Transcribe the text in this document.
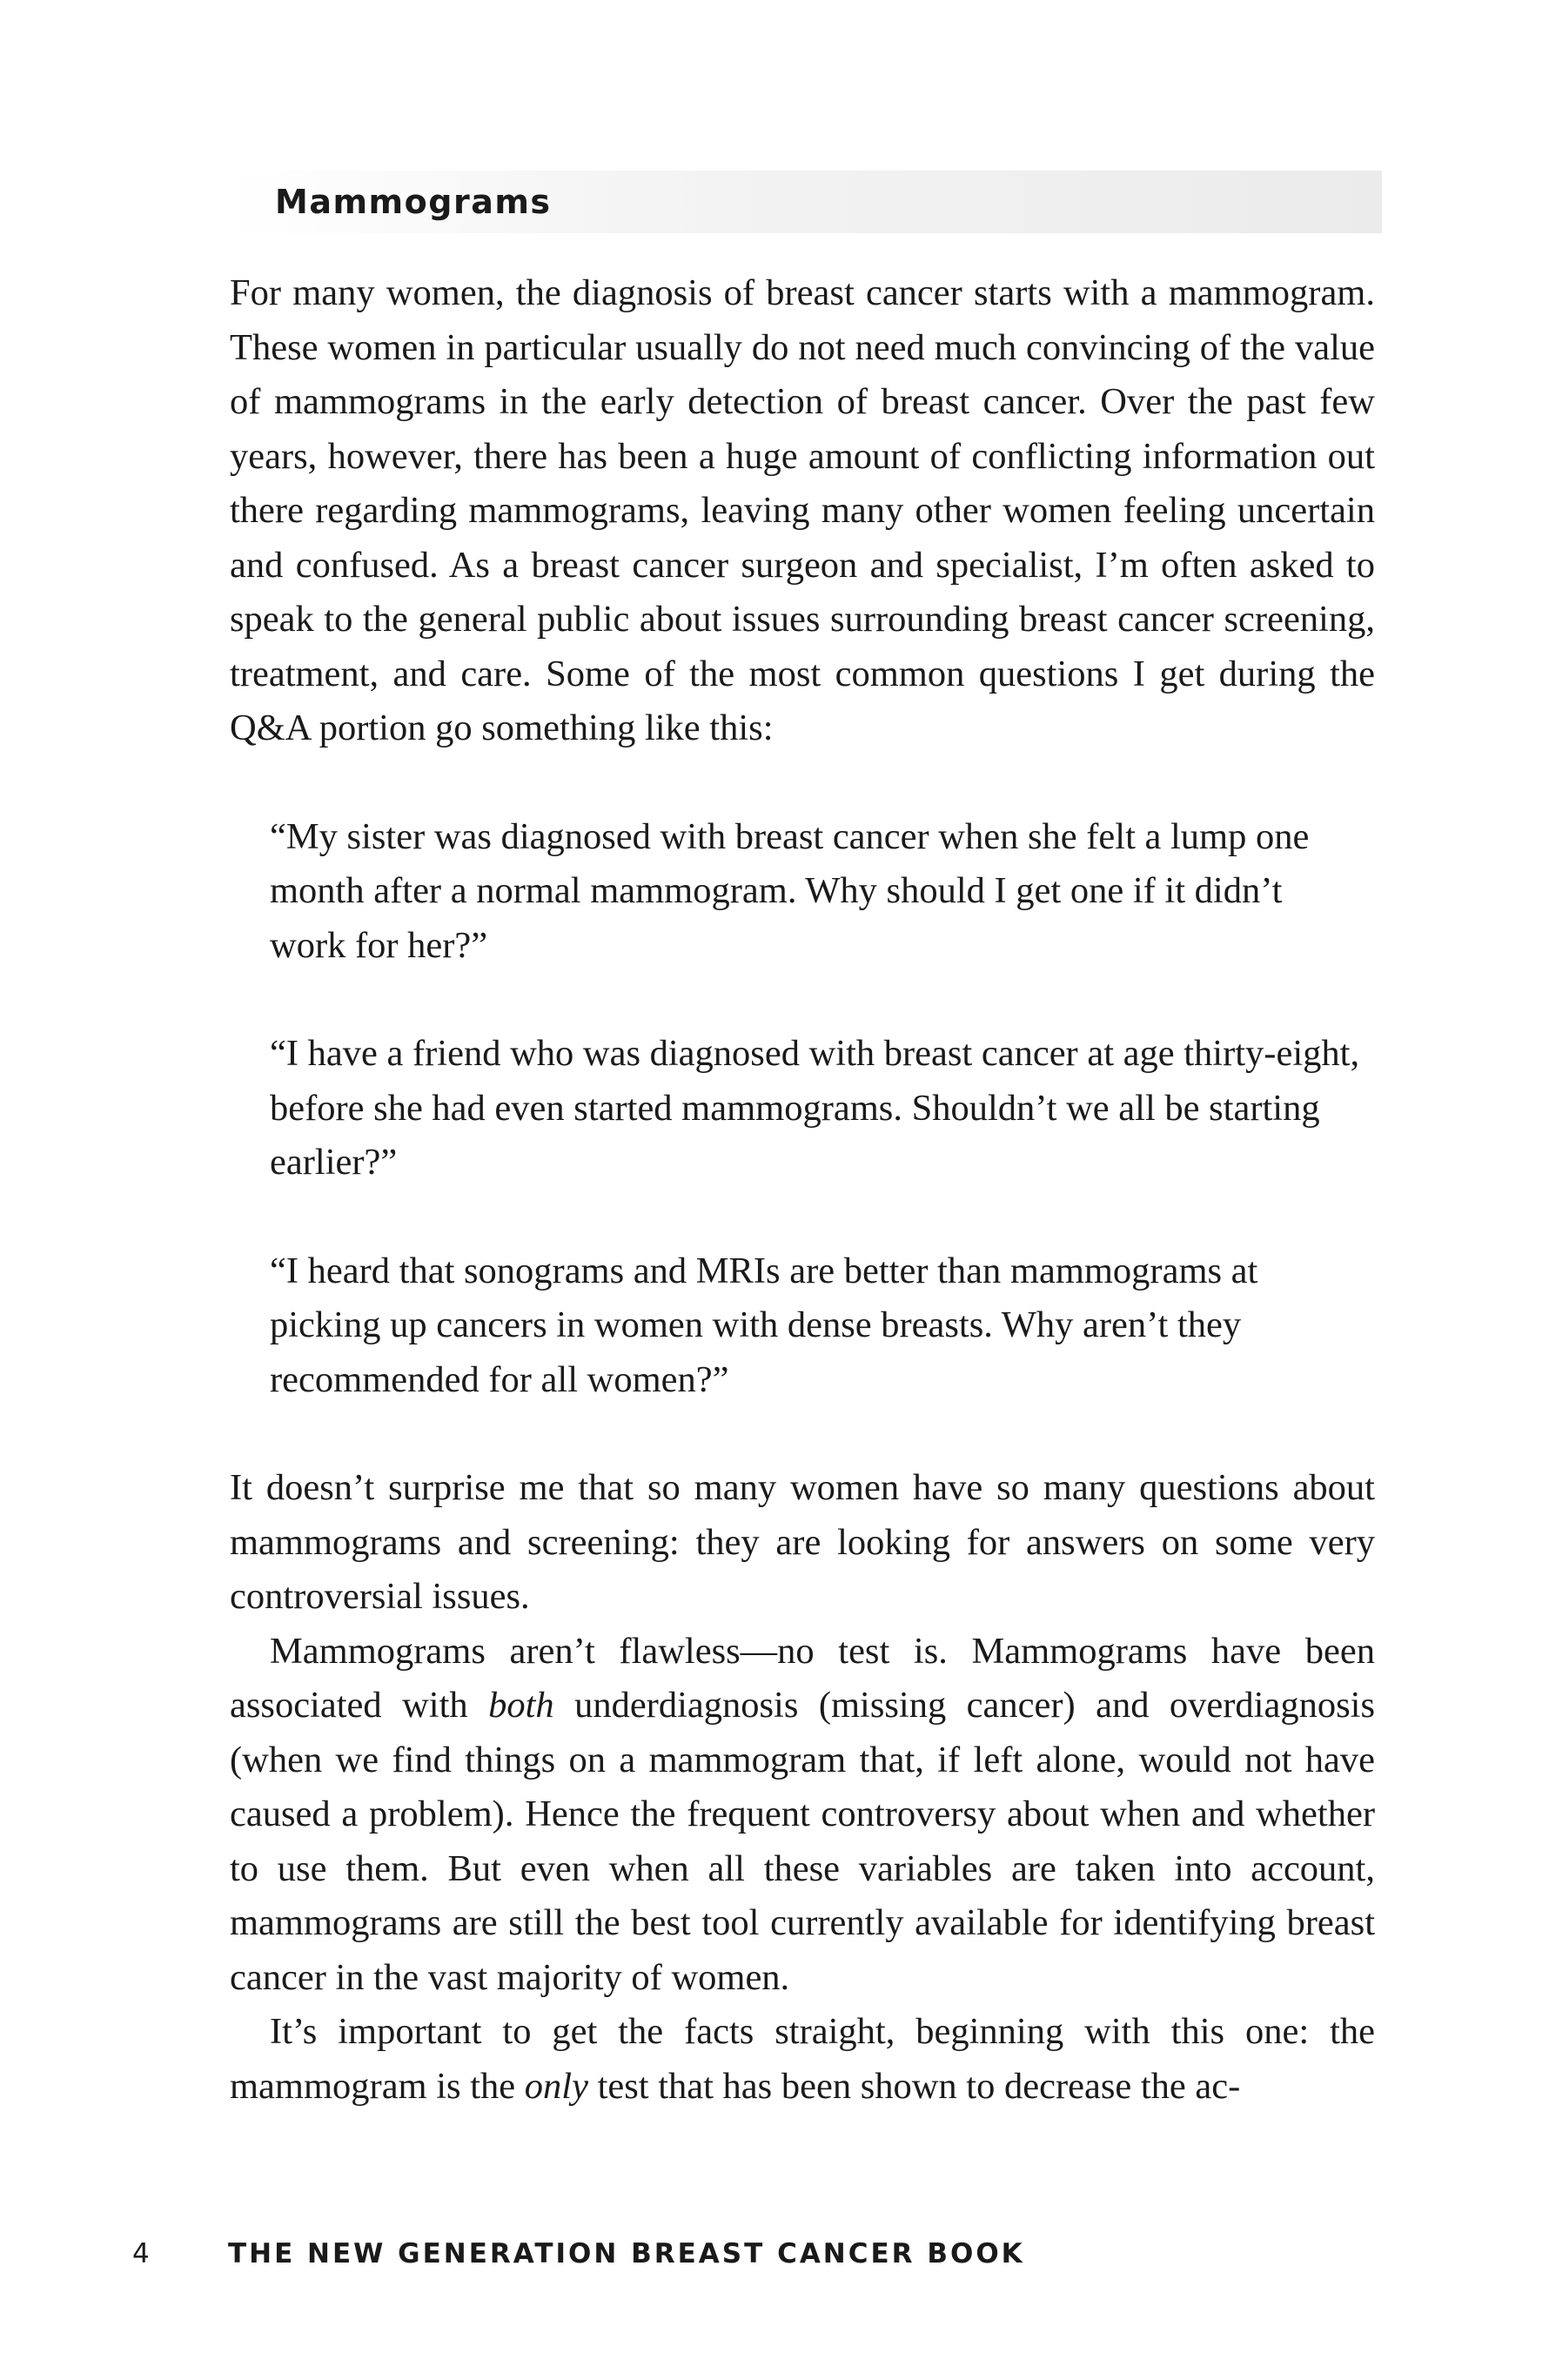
Mammograms

For many women, the diagnosis of breast cancer starts with a mammogram. These women in particular usually do not need much convincing of the value of mammograms in the early detection of breast cancer. Over the past few years, however, there has been a huge amount of conflicting information out there regarding mammograms, leaving many other women feeling uncertain and confused. As a breast cancer surgeon and specialist, I’m often asked to speak to the general public about issues surrounding breast cancer screening, treatment, and care. Some of the most common questions I get during the Q&A portion go something like this:

“My sister was diagnosed with breast cancer when she felt a lump one month after a normal mammogram. Why should I get one if it didn’t work for her?”

“I have a friend who was diagnosed with breast cancer at age thirty-eight, before she had even started mammograms. Shouldn’t we all be starting earlier?”

“I heard that sonograms and MRIs are better than mammograms at picking up cancers in women with dense breasts. Why aren’t they recommended for all women?”

It doesn’t surprise me that so many women have so many questions about mammograms and screening: they are looking for answers on some very controversial issues.

Mammograms aren’t flawless—no test is. Mammograms have been associated with both underdiagnosis (missing cancer) and overdiagnosis (when we find things on a mammogram that, if left alone, would not have caused a problem). Hence the frequent controversy about when and whether to use them. But even when all these variables are taken into account, mammograms are still the best tool currently available for identifying breast cancer in the vast majority of women.

It’s important to get the facts straight, beginning with this one: the mammogram is the only test that has been shown to decrease the ac-

4	THE NEW GENERATION BREAST CANCER BOOK
